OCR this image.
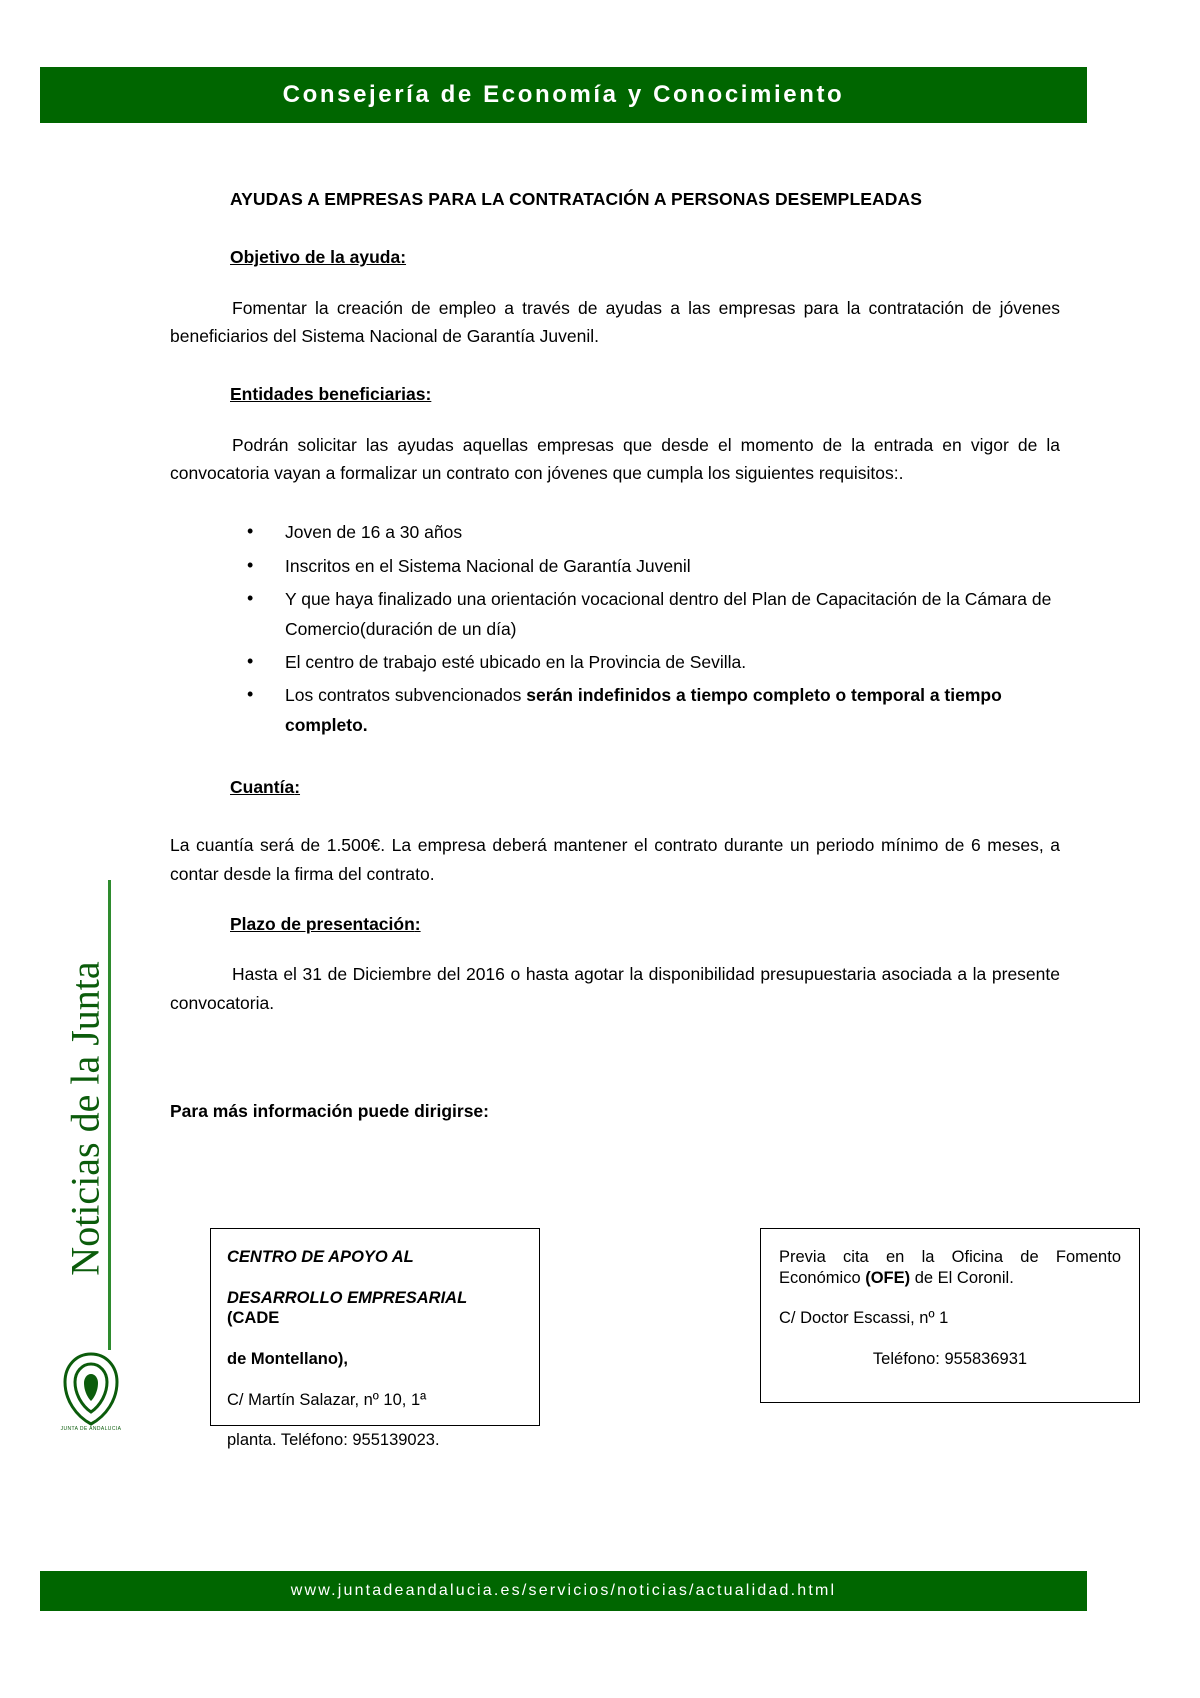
Consejería de Economía y Conocimiento
Noticias de la Junta
JUNTA DE ANDALUCIA

AYUDAS A EMPRESAS PARA LA CONTRATACIÓN A PERSONAS DESEMPLEADAS

Objetivo de la ayuda:

Fomentar la creación de empleo a través de ayudas a las empresas para la contratación de jóvenes beneficiarios del Sistema Nacional de Garantía Juvenil.

Entidades beneficiarias:

Podrán solicitar las ayudas aquellas empresas que desde el momento de la entrada en vigor de la convocatoria vayan a formalizar un contrato con jóvenes que cumpla los siguientes requisitos:.

• Joven de 16 a 30 años
• Inscritos en el Sistema Nacional de Garantía Juvenil
• Y que haya finalizado una orientación vocacional dentro del Plan de Capacitación de la Cámara de Comercio(duración de un día)
• El centro de trabajo esté ubicado en la Provincia de Sevilla.
• Los contratos subvencionados serán indefinidos a tiempo completo o temporal a tiempo completo.

Cuantía:

La cuantía será de 1.500€. La empresa deberá mantener el contrato durante un periodo mínimo de 6 meses, a contar desde la firma del contrato.

Plazo de presentación:

Hasta el 31 de Diciembre del 2016 o hasta agotar la disponibilidad presupuestaria asociada a la presente convocatoria.

Para más información puede dirigirse:

CENTRO DE APOYO AL

DESARROLLO EMPRESARIAL (CADE

de Montellano),

C/ Martín Salazar, nº 10, 1ª

planta. Teléfono: 955139023.

Previa cita en la Oficina de Fomento Económico (OFE) de El Coronil.

C/ Doctor Escassi, nº 1

Teléfono: 955836931

www.juntadeandalucia.es/servicios/noticias/actualidad.html
